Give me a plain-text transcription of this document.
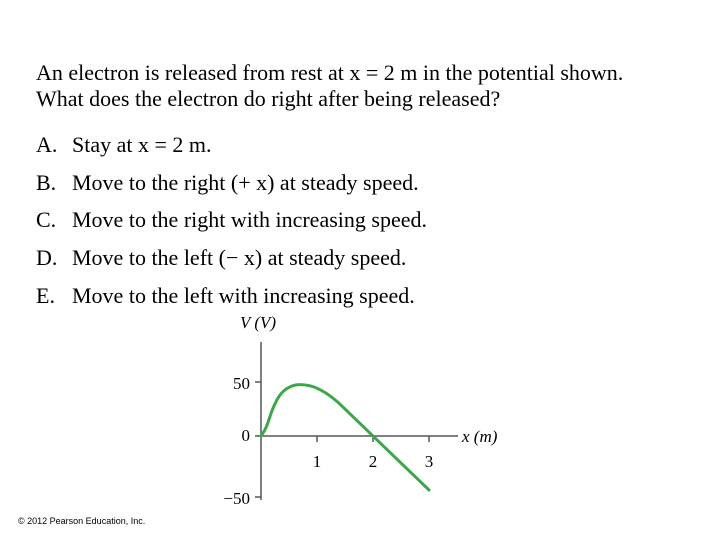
An electron is released from rest at x = 2 m in the potential shown.
What does the electron do right after being released?
A. Stay at x = 2 m.
B. Move to the right (+ x) at steady speed.
C. Move to the right with increasing speed.
D. Move to the left (− x) at steady speed.
E. Move to the left with increasing speed.
V (V)
x (m)
50
0
−50
1	2	3
© 2012 Pearson Education, Inc.
